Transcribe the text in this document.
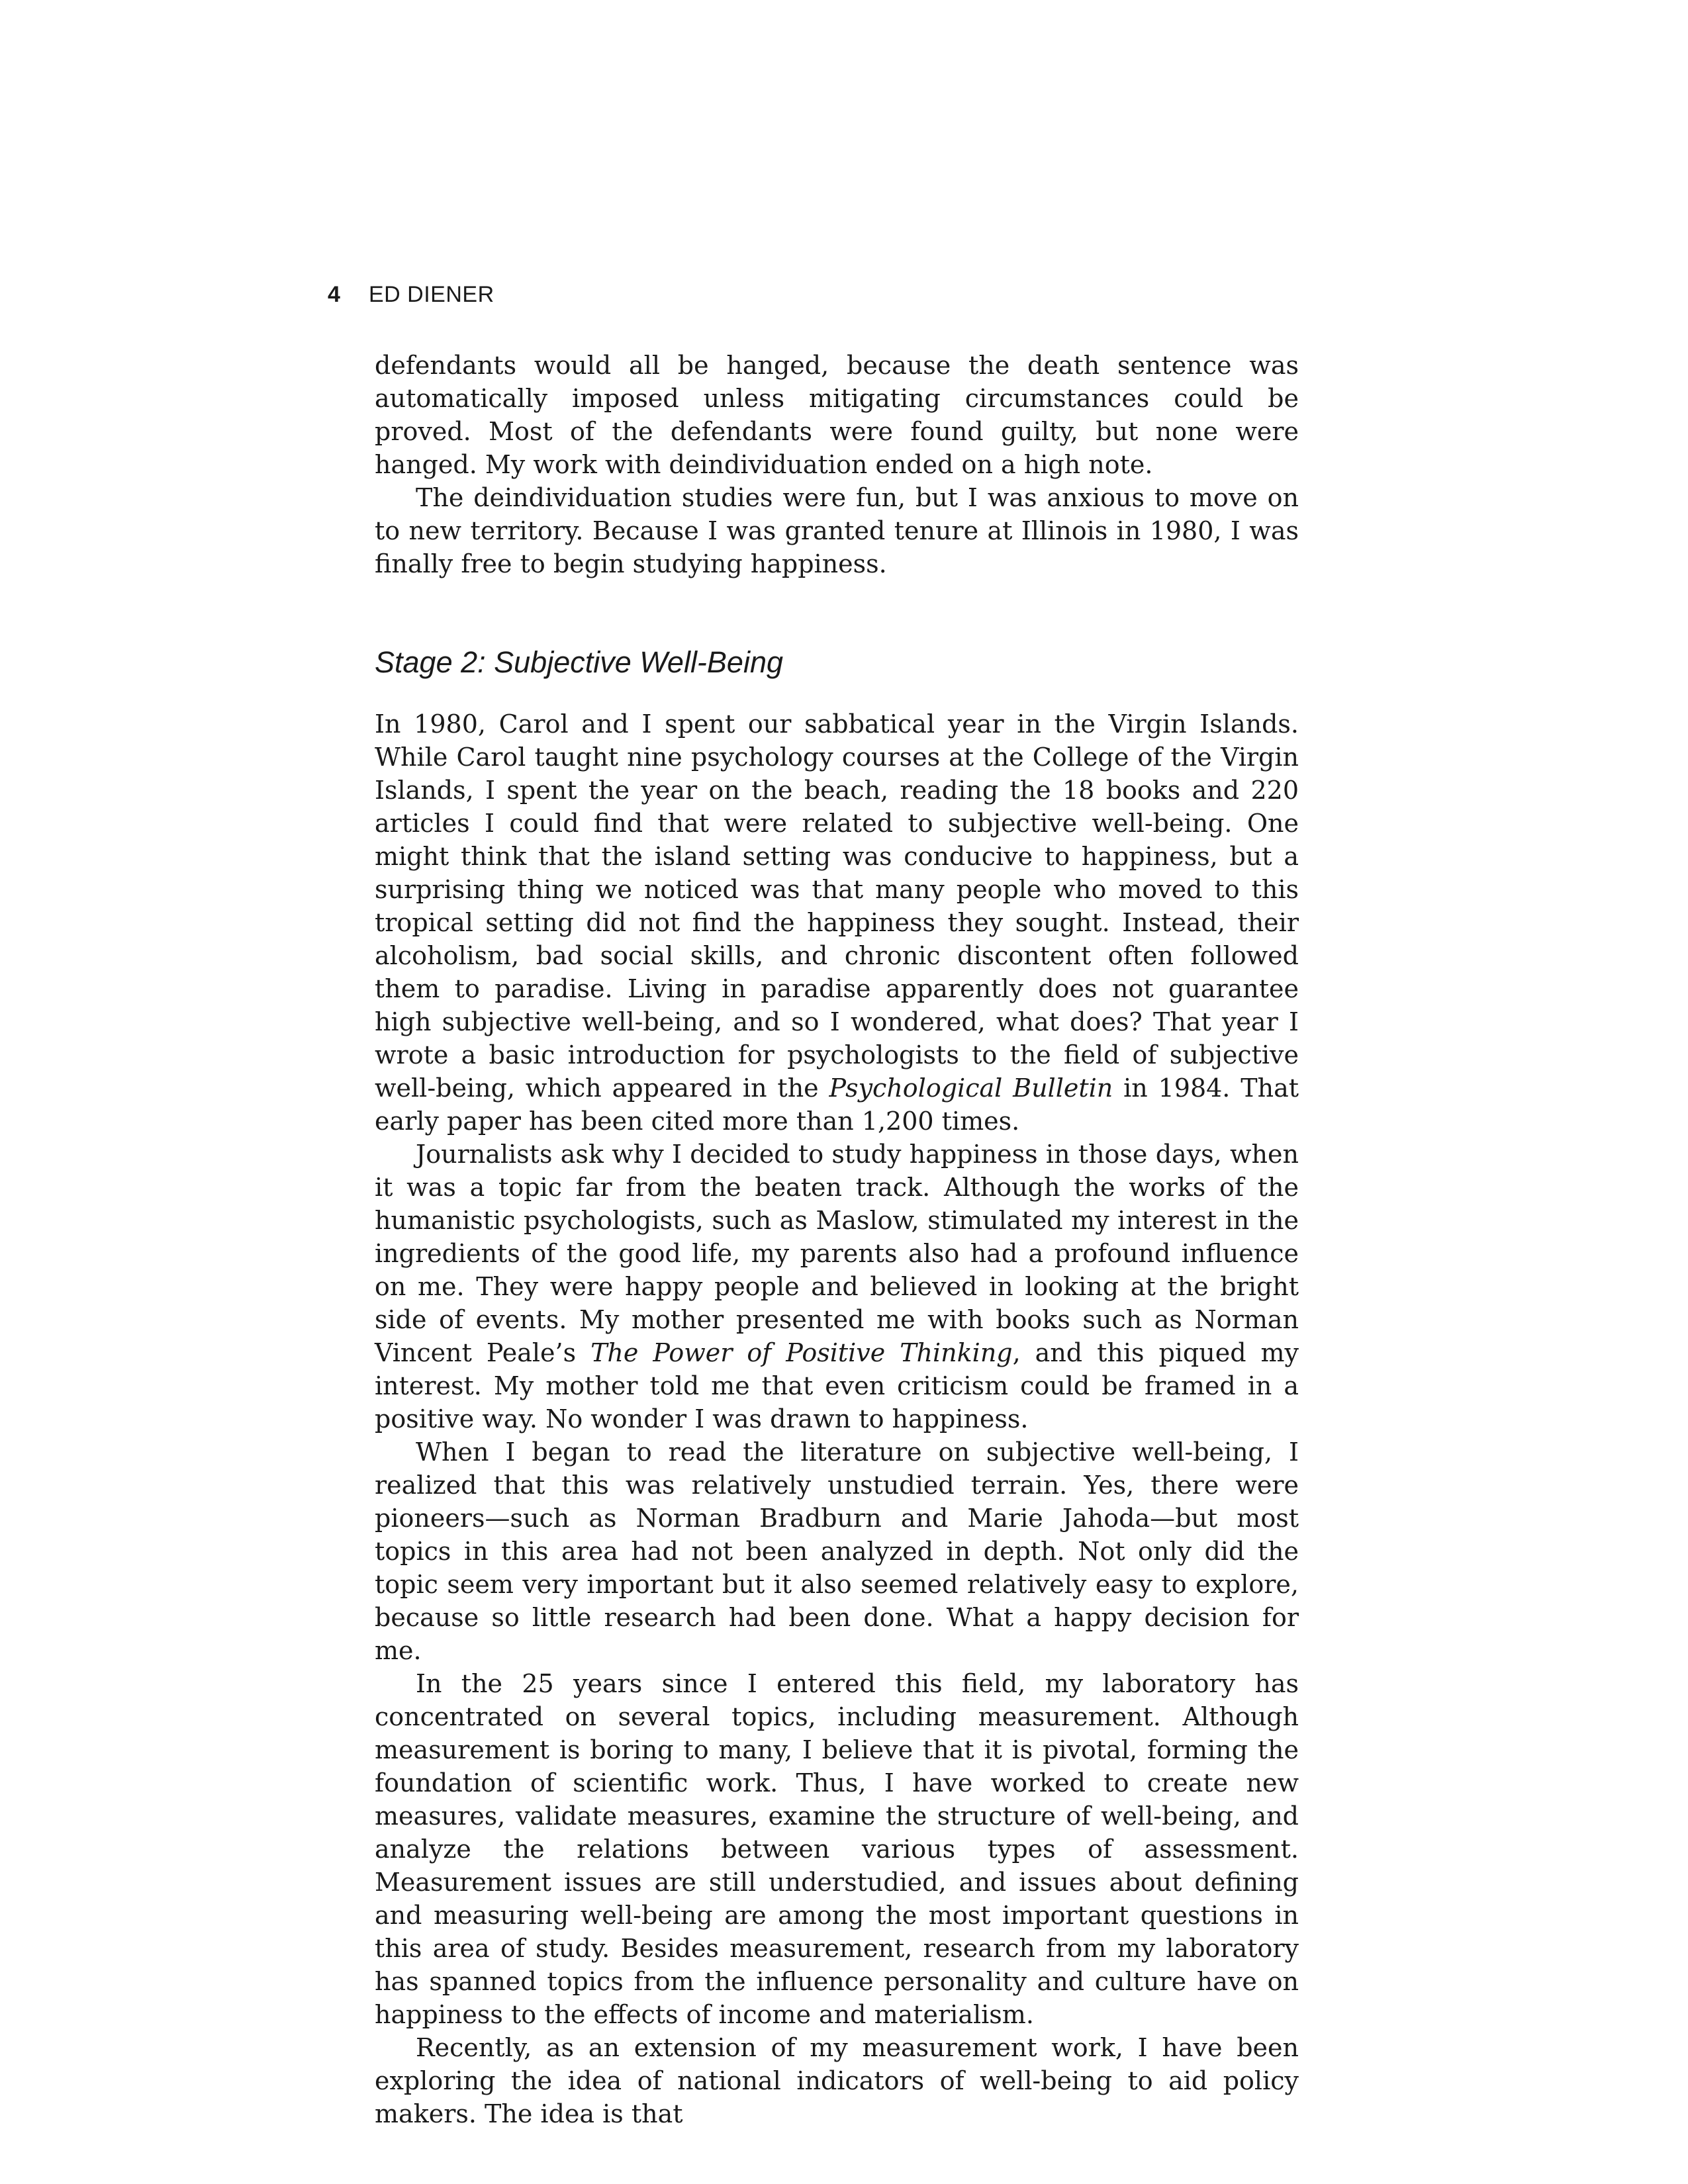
4 ED DIENER

defendants would all be hanged, because the death sentence was automatically imposed unless mitigating circumstances could be proved. Most of the defendants were found guilty, but none were hanged. My work with deindividuation ended on a high note.

The deindividuation studies were fun, but I was anxious to move on to new territory. Because I was granted tenure at Illinois in 1980, I was finally free to begin studying happiness.

Stage 2: Subjective Well-Being

In 1980, Carol and I spent our sabbatical year in the Virgin Islands. While Carol taught nine psychology courses at the College of the Virgin Islands, I spent the year on the beach, reading the 18 books and 220 articles I could find that were related to subjective well-being. One might think that the island setting was conducive to happiness, but a surprising thing we noticed was that many people who moved to this tropical setting did not find the happiness they sought. Instead, their alcoholism, bad social skills, and chronic discontent often followed them to paradise. Living in paradise apparently does not guarantee high subjective well-being, and so I wondered, what does? That year I wrote a basic introduction for psychologists to the field of subjective well-being, which appeared in the Psychological Bulletin in 1984. That early paper has been cited more than 1,200 times.

Journalists ask why I decided to study happiness in those days, when it was a topic far from the beaten track. Although the works of the humanistic psychologists, such as Maslow, stimulated my interest in the ingredients of the good life, my parents also had a profound influence on me. They were happy people and believed in looking at the bright side of events. My mother presented me with books such as Norman Vincent Peale’s The Power of Positive Thinking, and this piqued my interest. My mother told me that even criticism could be framed in a positive way. No wonder I was drawn to happiness.

When I began to read the literature on subjective well-being, I realized that this was relatively unstudied terrain. Yes, there were pioneers—such as Norman Bradburn and Marie Jahoda—but most topics in this area had not been analyzed in depth. Not only did the topic seem very important but it also seemed relatively easy to explore, because so little research had been done. What a happy decision for me.

In the 25 years since I entered this field, my laboratory has concentrated on several topics, including measurement. Although measurement is boring to many, I believe that it is pivotal, forming the foundation of scientific work. Thus, I have worked to create new measures, validate measures, examine the structure of well-being, and analyze the relations between various types of assessment. Measurement issues are still understudied, and issues about defining and measuring well-being are among the most important questions in this area of study. Besides measurement, research from my laboratory has spanned topics from the influence personality and culture have on happiness to the effects of income and materialism.

Recently, as an extension of my measurement work, I have been exploring the idea of national indicators of well-being to aid policy makers. The idea is that
